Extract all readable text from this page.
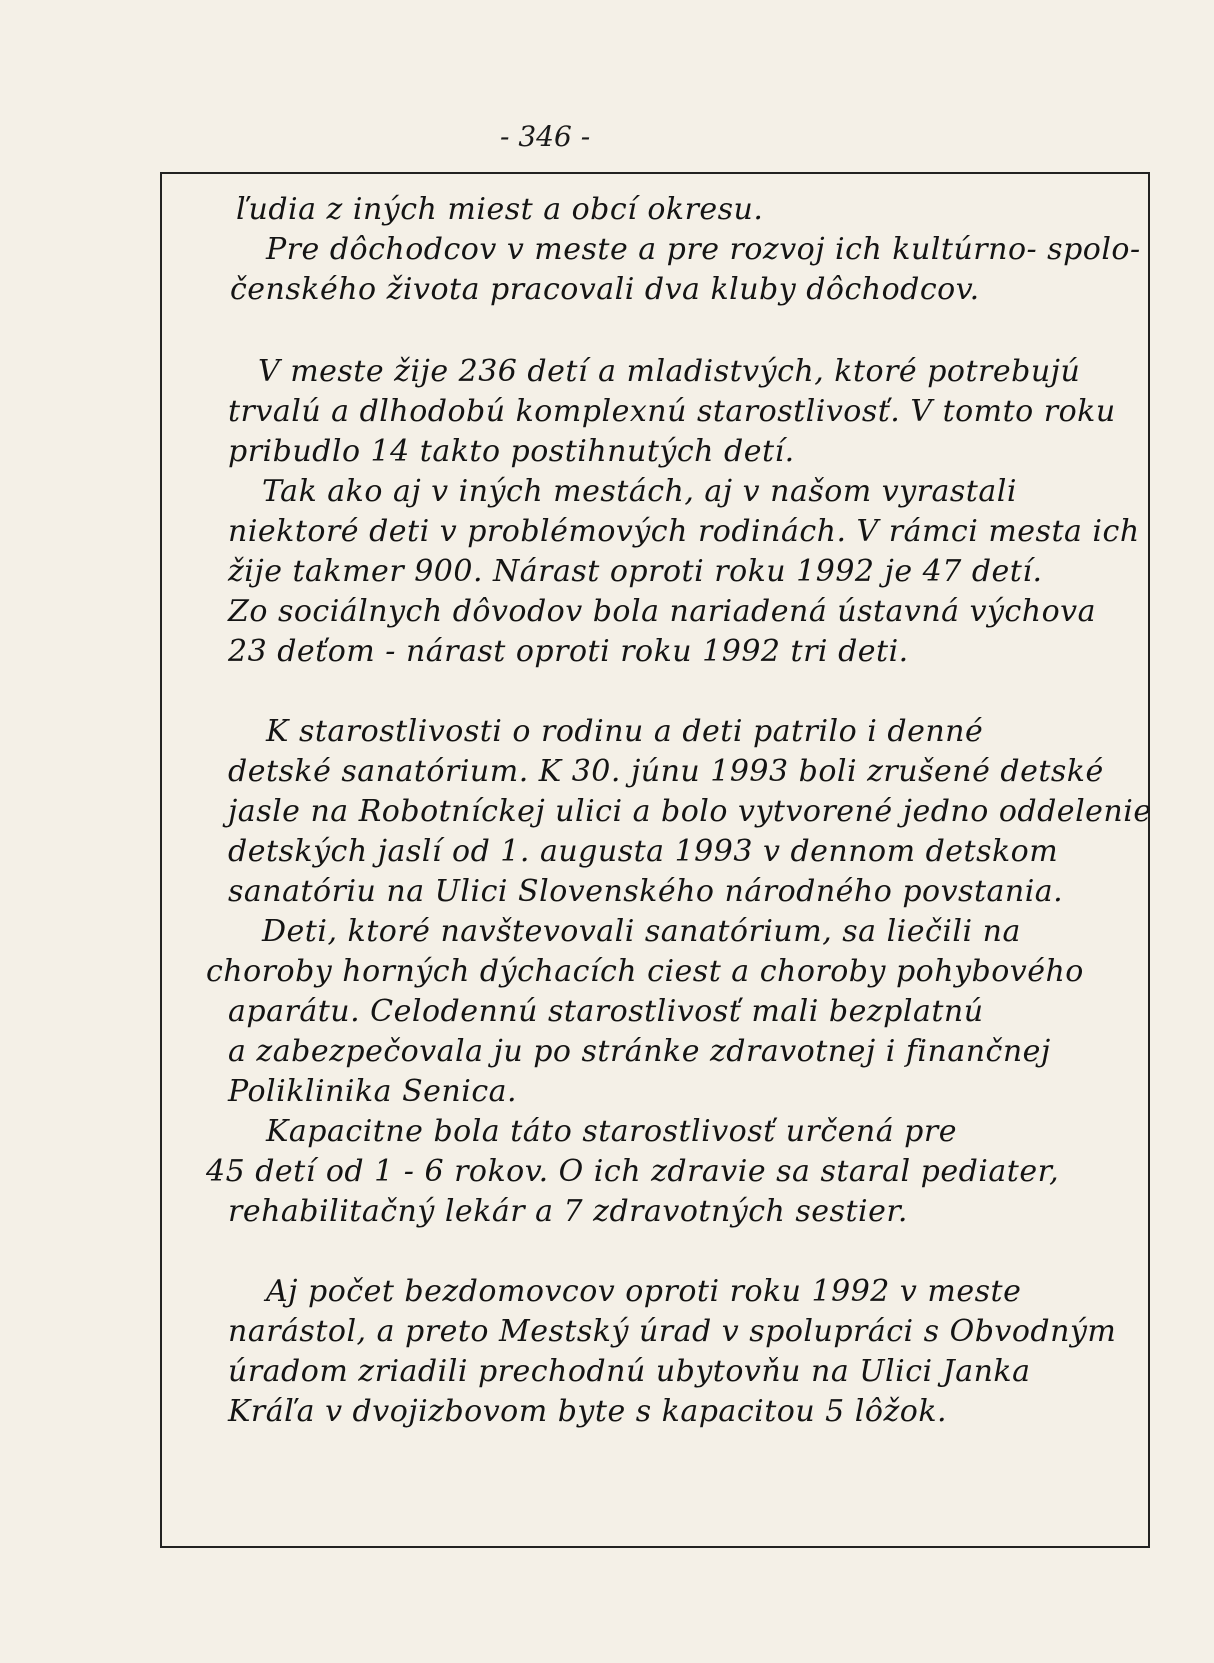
- 346 -
ľudia z iných miest a obcí okresu.
Pre dôchodcov v meste a pre rozvoj ich kultúrno- spolo-
čenského života pracovali dva kluby dôchodcov.
V meste žije 236 detí a mladistvých, ktoré potrebujú
trvalú a dlhodobú komplexnú starostlivosť. V tomto roku
pribudlo 14 takto postihnutých detí.
Tak ako aj v iných mestách, aj v našom vyrastali
niektoré deti v problémových rodinách. V rámci mesta ich
žije takmer 900. Nárast oproti roku 1992 je 47 detí.
Zo sociálnych dôvodov bola nariadená ústavná výchova
23 deťom - nárast oproti roku 1992 tri deti.
K starostlivosti o rodinu a deti patrilo i denné
detské sanatórium. K 30. júnu 1993 boli zrušené detské
jasle na Robotníckej ulici a bolo vytvorené jedno oddelenie
detských jaslí od 1. augusta 1993 v dennom detskom
sanatóriu na Ulici Slovenského národného povstania.
Deti, ktoré navštevovali sanatórium, sa liečili na
choroby horných dýchacích ciest a choroby pohybového
aparátu. Celodennú starostlivosť mali bezplatnú
a zabezpečovala ju po stránke zdravotnej i finančnej
Poliklinika Senica.
Kapacitne bola táto starostlivosť určená pre
45 detí od 1 - 6 rokov. O ich zdravie sa staral pediater,
rehabilitačný lekár a 7 zdravotných sestier.
Aj počet bezdomovcov oproti roku 1992 v meste
narástol, a preto Mestský úrad v spolupráci s Obvodným
úradom zriadili prechodnú ubytovňu na Ulici Janka
Kráľa v dvojizbovom byte s kapacitou 5 lôžok.
